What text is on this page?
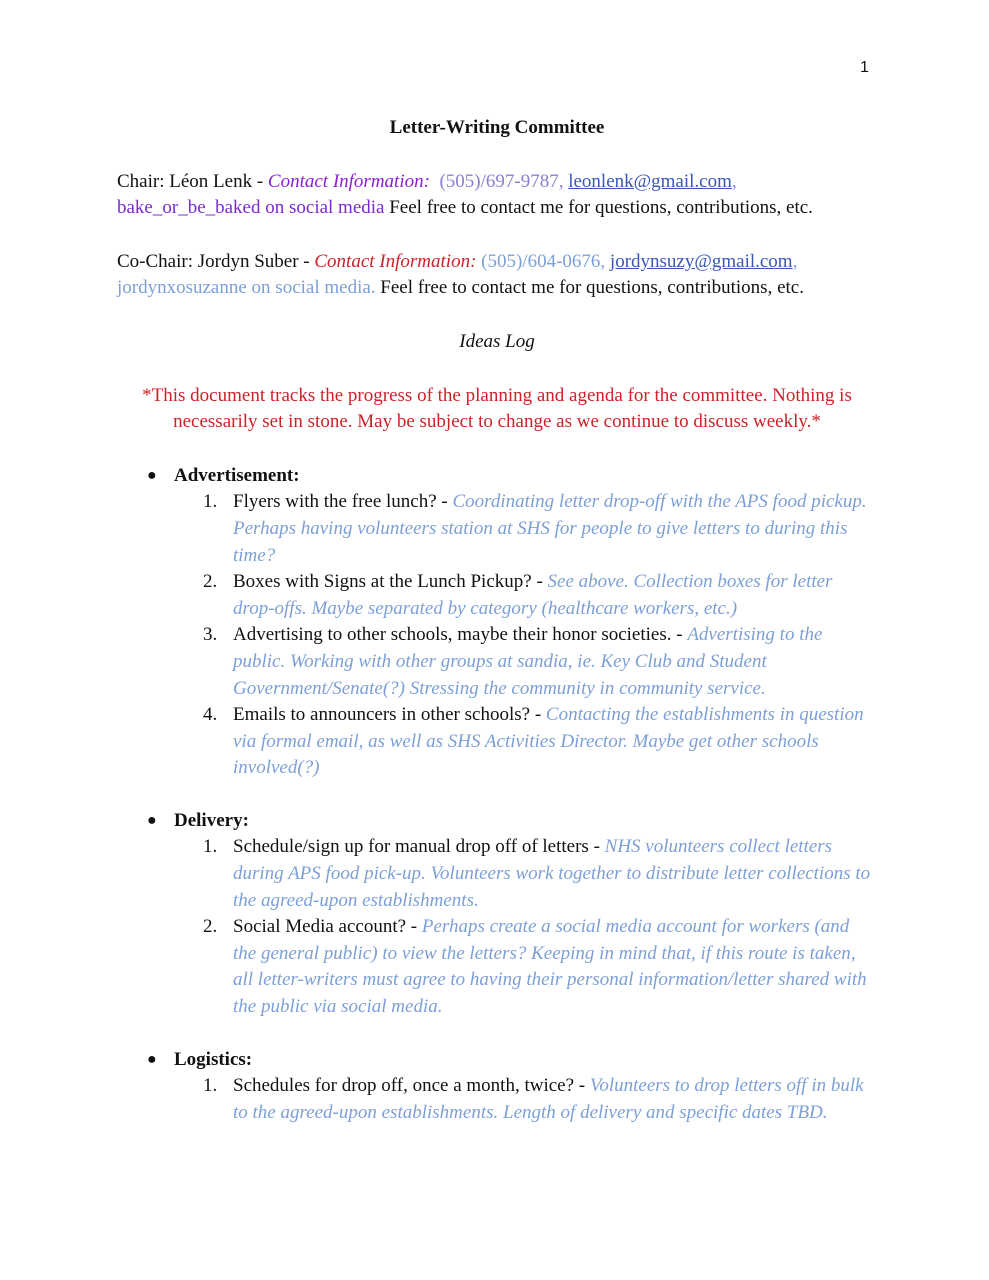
1

Letter-Writing Committee

Chair: Léon Lenk - Contact Information: (505)/697-9787, leonlenk@gmail.com,
bake_or_be_baked on social media Feel free to contact me for questions, contributions, etc.

Co-Chair: Jordyn Suber - Contact Information: (505)/604-0676, jordynsuzy@gmail.com,
jordynxosuzanne on social media. Feel free to contact me for questions, contributions, etc.

Ideas Log

*This document tracks the progress of the planning and agenda for the committee. Nothing is necessarily set in stone. May be subject to change as we continue to discuss weekly.*

● Advertisement:
1. Flyers with the free lunch? - Coordinating letter drop-off with the APS food pickup. Perhaps having volunteers station at SHS for people to give letters to during this time?
2. Boxes with Signs at the Lunch Pickup? - See above. Collection boxes for letter drop-offs. Maybe separated by category (healthcare workers, etc.)
3. Advertising to other schools, maybe their honor societies. - Advertising to the public. Working with other groups at sandia, ie. Key Club and Student Government/Senate(?) Stressing the community in community service.
4. Emails to announcers in other schools? - Contacting the establishments in question via formal email, as well as SHS Activities Director. Maybe get other schools involved(?)
● Delivery:
1. Schedule/sign up for manual drop off of letters - NHS volunteers collect letters during APS food pick-up. Volunteers work together to distribute letter collections to the agreed-upon establishments.
2. Social Media account? - Perhaps create a social media account for workers (and the general public) to view the letters? Keeping in mind that, if this route is taken, all letter-writers must agree to having their personal information/letter shared with the public via social media.
● Logistics:
1. Schedules for drop off, once a month, twice? - Volunteers to drop letters off in bulk to the agreed-upon establishments. Length of delivery and specific dates TBD.
